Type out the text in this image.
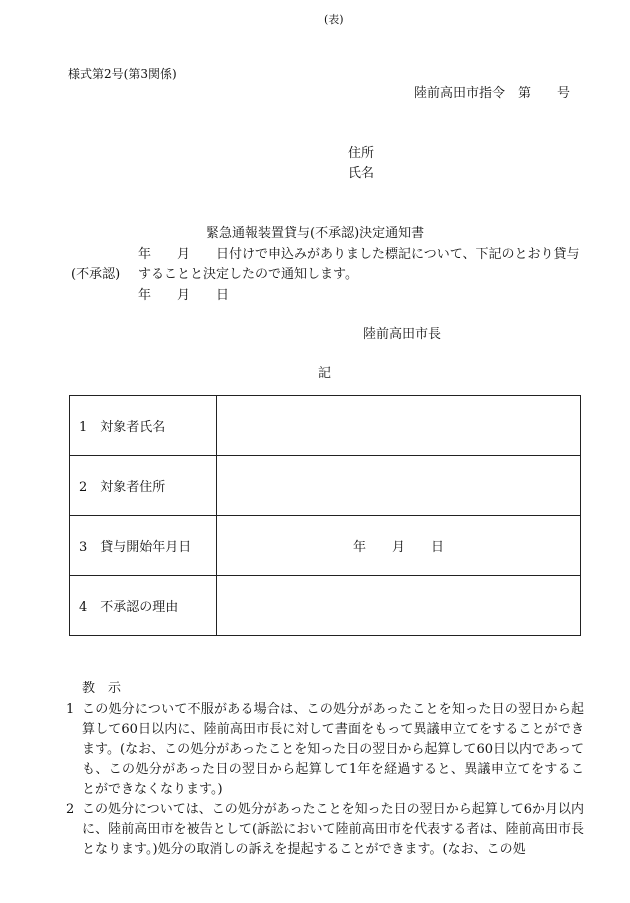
(表)
様式第2号(第3関係)
陸前高田市指令　第　　号
住所
氏名
緊急通報装置貸与(不承認)決定通知書
年　　月　　日付けで申込みがありました標記について、下記のとおり貸与
(不承認) することと決定したので通知します。
年　　月　　日
陸前高田市長
記
1　対象者氏名	
2　対象者住所	
3　貸与開始年月日	年　　月　　日
4　不承認の理由	
教　示
1 この処分について不服がある場合は、この処分があったことを知った日の翌日から起算して60日以内に、陸前高田市長に対して書面をもって異議申立てをすることができます。(なお、この処分があったことを知った日の翌日から起算して60日以内であっても、この処分があった日の翌日から起算して1年を経過すると、異議申立てをすることができなくなります。)
2 この処分については、この処分があったことを知った日の翌日から起算して6か月以内に、陸前高田市を被告として(訴訟において陸前高田市を代表する者は、陸前高田市長となります。)処分の取消しの訴えを提起することができます。(なお、この処
